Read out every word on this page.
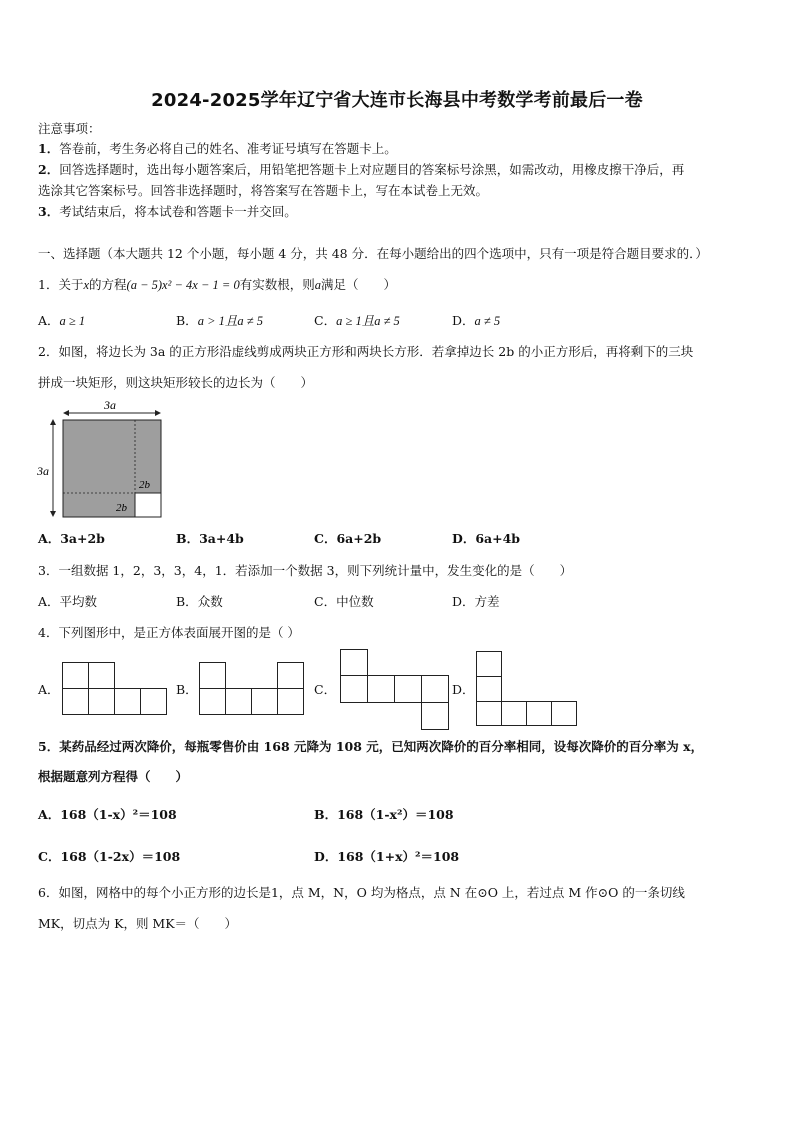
2024-2025学年辽宁省大连市长海县中考数学考前最后一卷
注意事项：
1．答卷前，考生务必将自己的姓名、准考证号填写在答题卡上。
2．回答选择题时，选出每小题答案后，用铅笔把答题卡上对应题目的答案标号涂黑，如需改动，用橡皮擦干净后，再
选涂其它答案标号。回答非选择题时，将答案写在答题卡上，写在本试卷上无效。
3．考试结束后，将本试卷和答题卡一并交回。
一、选择题（本大题共 12 个小题，每小题 4 分，共 48 分．在每小题给出的四个选项中，只有一项是符合题目要求的．）
1．关于x的方程(a − 5)x² − 4x − 1 = 0有实数根，则a满足（　　）
A．a ≥ 1	B．a > 1且a ≠ 5	C．a ≥ 1且a ≠ 5	D．a ≠ 5
2．如图，将边长为 3a 的正方形沿虚线剪成两块正方形和两块长方形．若拿掉边长 2b 的小正方形后，再将剩下的三块
拼成一块矩形，则这块矩形较长的边长为（　　）
3a
3a
2b
2b
A．3a+2b	B．3a+4b	C．6a+2b	D．6a+4b
3．一组数据 1，2，3，3，4，1．若添加一个数据 3，则下列统计量中，发生变化的是（　　）
A．平均数	B．众数	C．中位数	D．方差
4．下列图形中，是正方体表面展开图的是（ ）
A．	B．	C．	D．
5．某药品经过两次降价，每瓶零售价由 168 元降为 108 元，已知两次降价的百分率相同，设每次降价的百分率为 x，
根据题意列方程得（　　）
A．168（1-x）²＝108	B．168（1-x²）＝108
C．168（1-2x）＝108	D．168（1+x）²＝108
6．如图，网格中的每个小正方形的边长是1，点 M，N，O 均为格点，点 N 在⊙O 上，若过点 M 作⊙O 的一条切线
MK，切点为 K，则 MK＝（　　）
